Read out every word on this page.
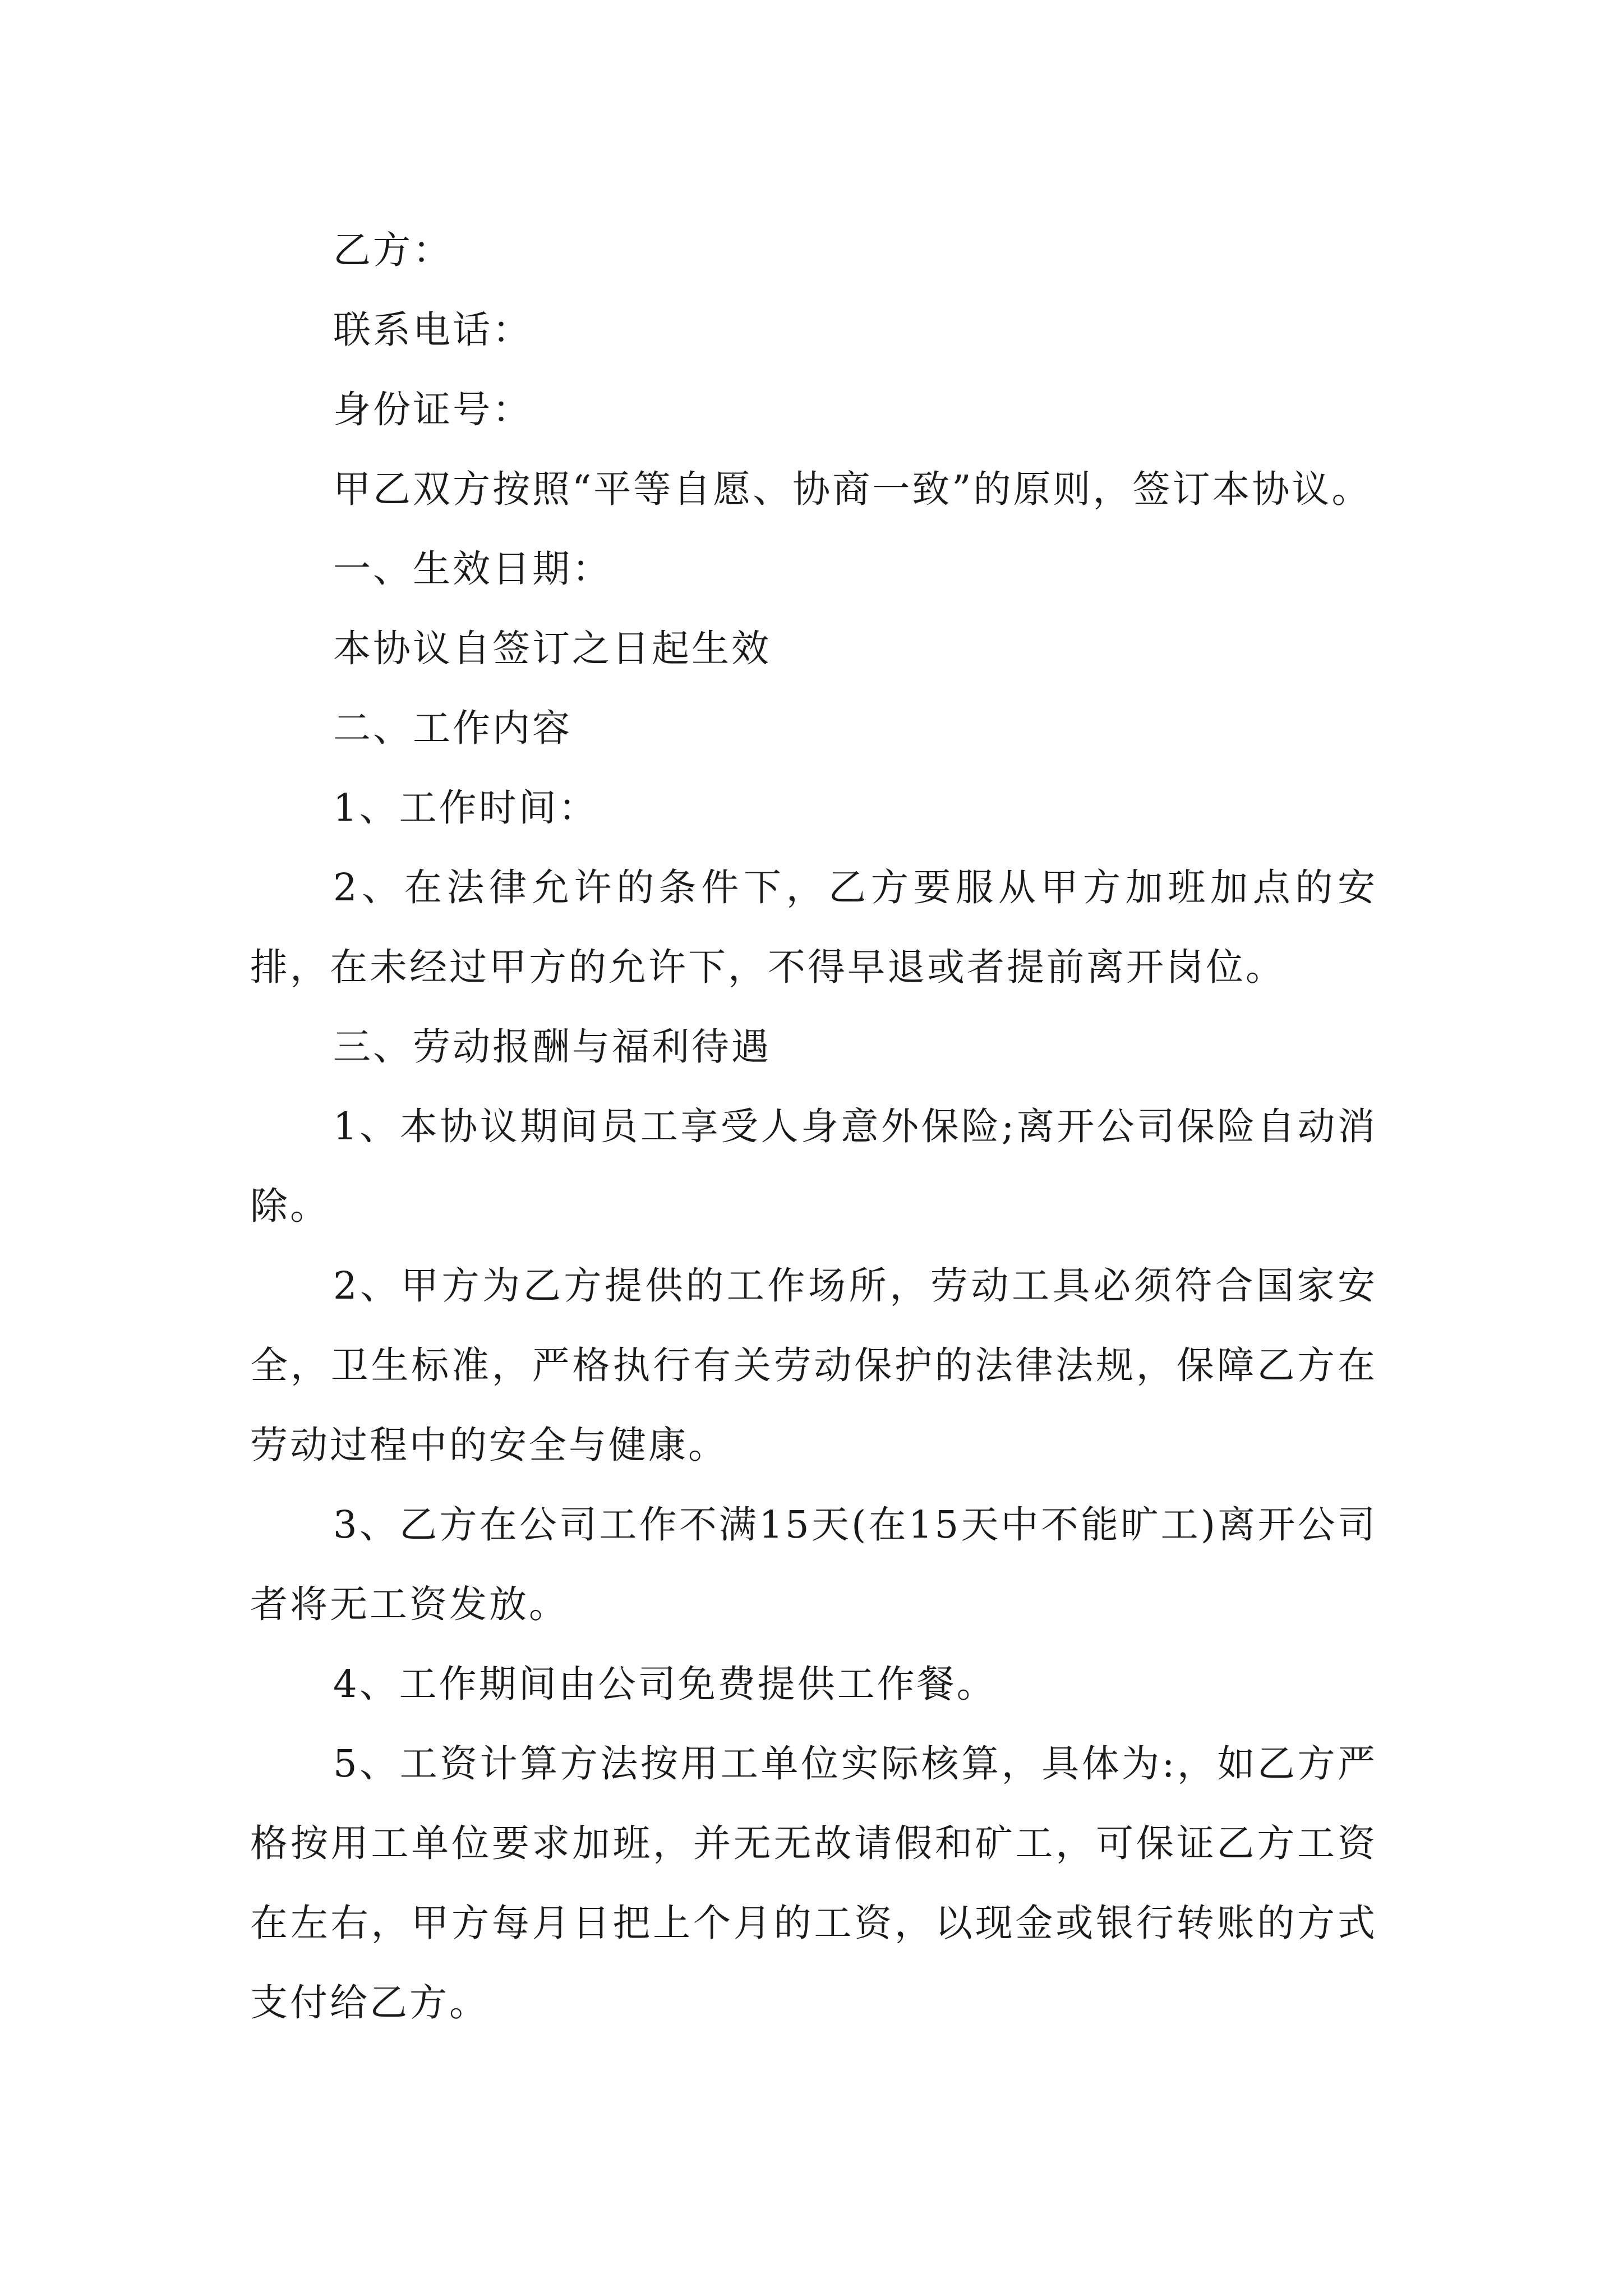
乙方：

联系电话：

身份证号：

甲乙双方按照“平等自愿、协商一致”的原则，签订本协议。

一、生效日期：

本协议自签订之日起生效

二、工作内容

1、工作时间：

2、在法律允许的条件下，乙方要服从甲方加班加点的安排，在未经过甲方的允许下，不得早退或者提前离开岗位。

三、劳动报酬与福利待遇

1、本协议期间员工享受人身意外保险;离开公司保险自动消除。

2、甲方为乙方提供的工作场所，劳动工具必须符合国家安全，卫生标准，严格执行有关劳动保护的法律法规，保障乙方在劳动过程中的安全与健康。

3、乙方在公司工作不满15天(在15天中不能旷工)离开公司者将无工资发放。

4、工作期间由公司免费提供工作餐。

5、工资计算方法按用工单位实际核算，具体为:，如乙方严格按用工单位要求加班，并无无故请假和矿工，可保证乙方工资在左右，甲方每月日把上个月的工资，以现金或银行转账的方式支付给乙方。
